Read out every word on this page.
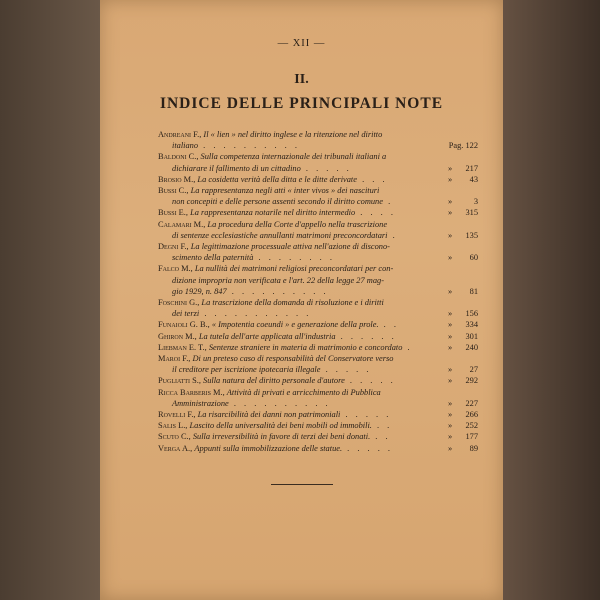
— XII —
II.
INDICE DELLE PRINCIPALI NOTE
Andreani F., Il « lien » nel diritto inglese e la ritenzione nel diritto
italiano . . . . . . . . . .	Pag. 122
Baldoni C., Sulla competenza internazionale dei tribunali italiani a
dichiarare il fallimento di un cittadino . . . . .	» 217
Brosio M., La cosidetta verità della ditta e le ditte derivate . . .	» 43
Bussi C., La rappresentanza negli atti « inter vivos » dei nascituri
non concepiti e delle persone assenti secondo il diritto comune .	»	3
Bussi E., La rappresentanza notarile nel diritto intermedio . . . .	» 315
Calamari M., La procedura della Corte d'appello nella trascrizione
di sentenze ecclesiastiche annullanti matrimoni preconcordatari .	» 135
Degni F., La legittimazione processuale attiva nell'azione di discono-
scimento della paternità . . . . . . . .	» 60
Falco M., La nullità dei matrimoni religiosi preconcordatari per con-
dizione impropria non verificata e l'art. 22 della legge 27 mag-
gio 1929, n. 847 . . . . . . . . . .	» 81
Foschini G., La trascrizione della domanda di risoluzione e i diritti
dei terzi . . . . . . . . . . .	» 156
Funaioli G. B., « Impotentia coeundi » e generazione della prole. . .	» 334
Ghiron M., La tutela dell'arte applicata all'industria . . . . . .	» 301
Liebman E. T., Sentenze straniere in materia di matrimonio e concordato .	» 240
Maroi F., Di un preteso caso di responsabilità del Conservatore verso
il creditore per iscrizione ipotecaria illegale . . . . .	» 27
Pugliatti S., Sulla natura del diritto personale d'autore . . . . .	» 292
Ricca Barberis M., Attività di privati e arricchimento di Pubblica
Amministrazione . . . . . . . . . .	» 227
Rovelli F., La risarcibilità dei danni non patrimoniali . . . . .	» 266
Salis L., Lascito della universalità dei beni mobili od immobili. . .	» 252
Scuto C., Sulla irreversibilità in favore di terzi dei beni donati. . .	» 177
Verga A., Appunti sulla immobilizzazione delle statue. . . . . .	» 89
